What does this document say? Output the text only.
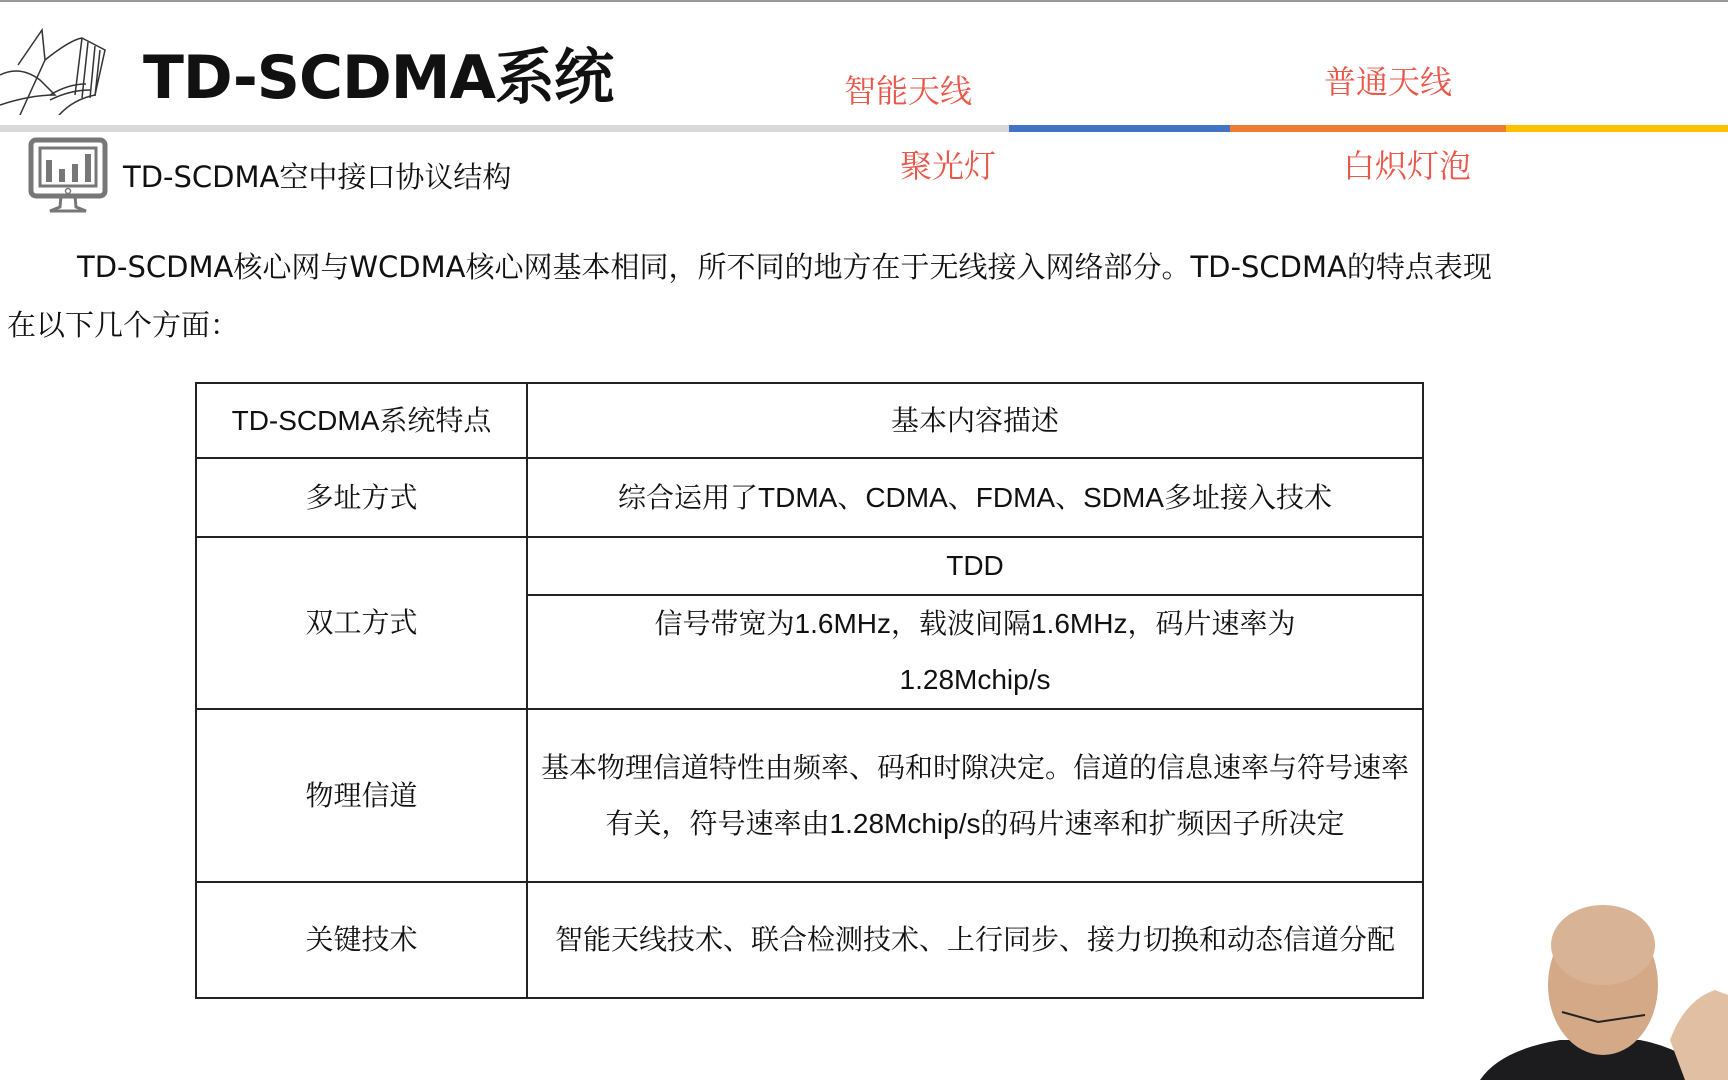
TD-SCDMA系统	智能天线	普通天线
聚光灯	白炽灯泡
TD-SCDMA空中接口协议结构
TD-SCDMA核心网与WCDMA核心网基本相同，所不同的地方在于无线接入网络部分。TD-SCDMA的特点表现
在以下几个方面：
TD-SCDMA系统特点	基本内容描述
多址方式	综合运用了TDMA、CDMA、FDMA、SDMA多址接入技术
双工方式	TDD
	信号带宽为1.6MHz，载波间隔1.6MHz，码片速率为1.28Mchip/s
物理信道	基本物理信道特性由频率、码和时隙决定。信道的信息速率与符号速率有关，符号速率由1.28Mchip/s的码片速率和扩频因子所决定
关键技术	智能天线技术、联合检测技术、上行同步、接力切换和动态信道分配
